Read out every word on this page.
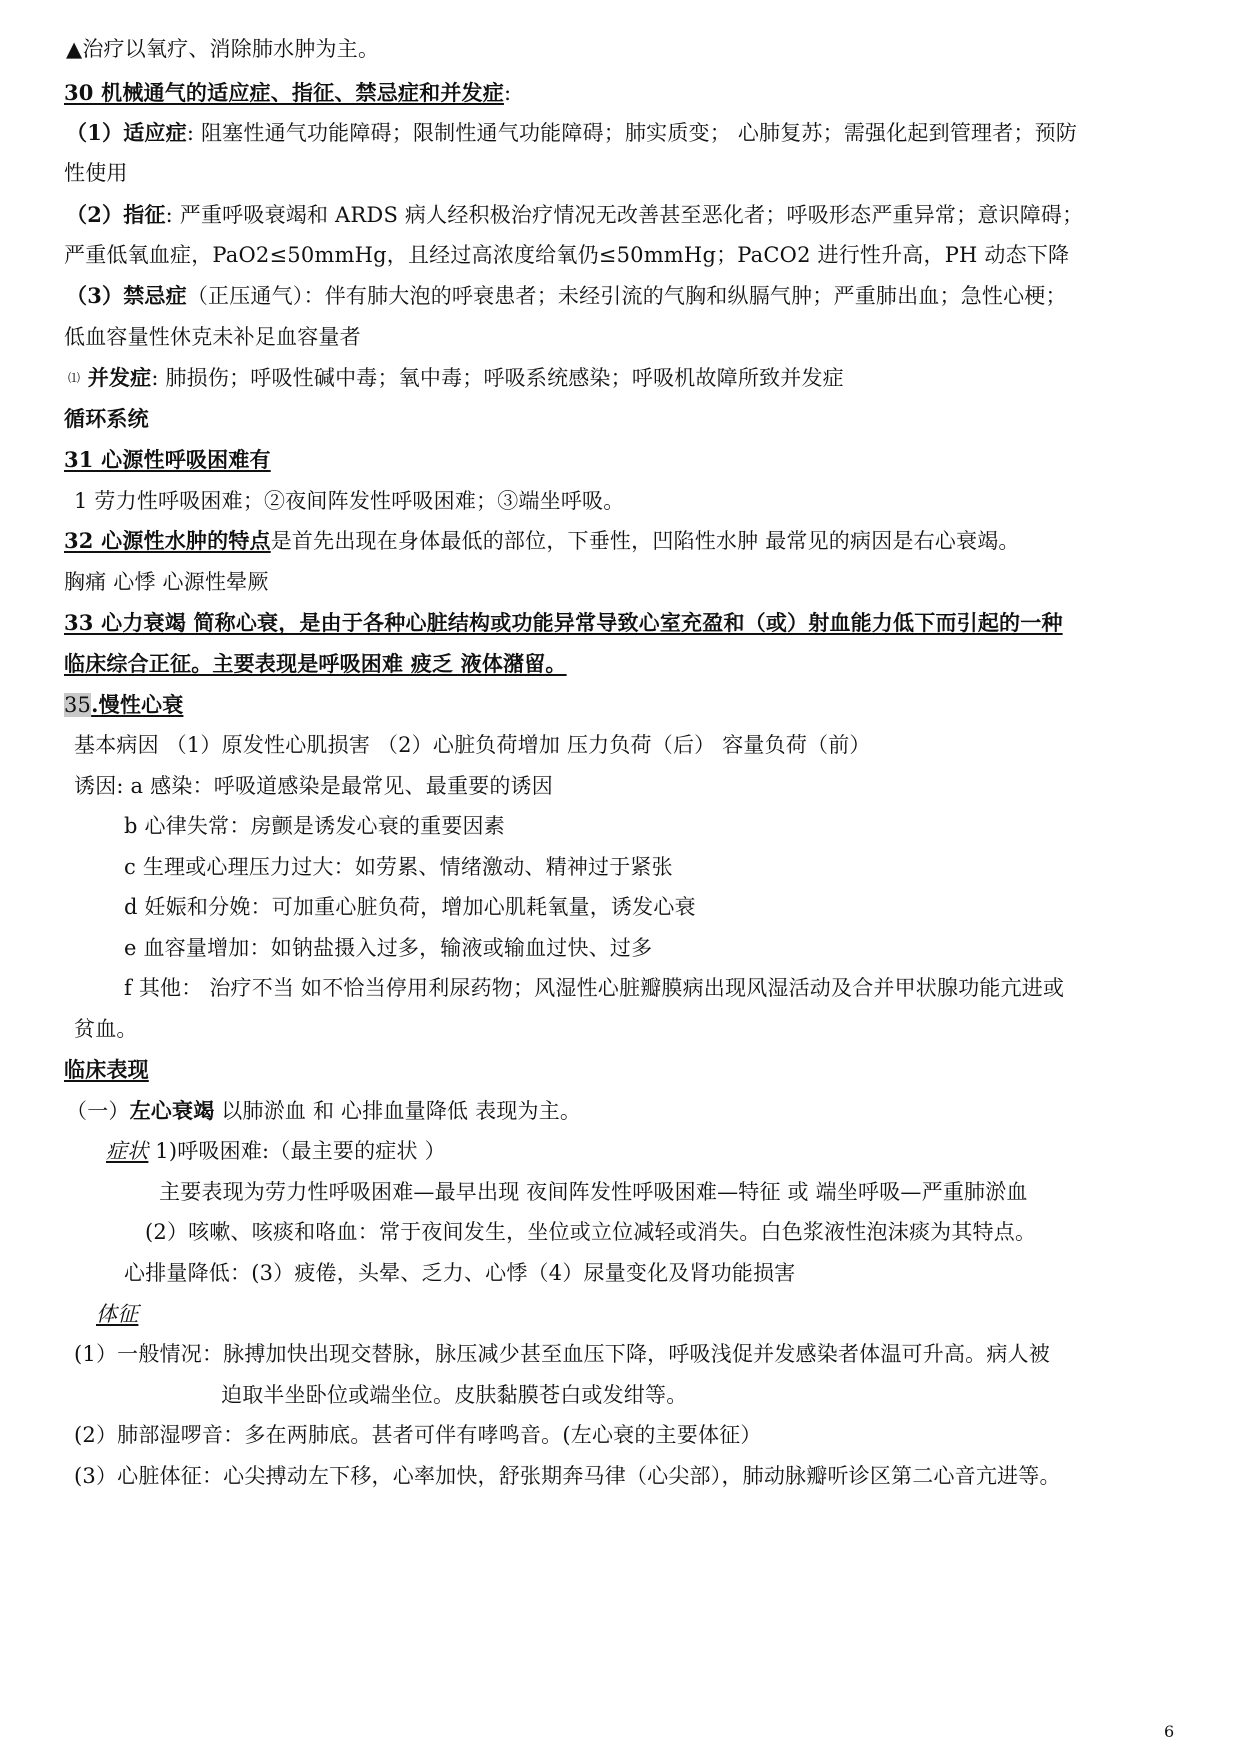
▲治疗以氧疗、消除肺水肿为主。
30 机械通气的适应症、指征、禁忌症和并发症:
（1）适应症: 阻塞性通气功能障碍；限制性通气功能障碍；肺实质变； 心肺复苏；需强化起到管理者；预防
性使用
（2）指征: 严重呼吸衰竭和 ARDS 病人经积极治疗情况无改善甚至恶化者；呼吸形态严重异常；意识障碍；
严重低氧血症，PaO2≤50mmHg，且经过高浓度给氧仍≤50mmHg；PaCO2 进行性升高，PH 动态下降
（3）禁忌症（正压通气）：伴有肺大泡的呼衰患者；未经引流的气胸和纵膈气肿；严重肺出血；急性心梗；
低血容量性休克未补足血容量者
⑴ 并发症: 肺损伤；呼吸性碱中毒；氧中毒；呼吸系统感染；呼吸机故障所致并发症
循环系统
31 心源性呼吸困难有
1 劳力性呼吸困难；②夜间阵发性呼吸困难；③端坐呼吸。
32 心源性水肿的特点是首先出现在身体最低的部位，下垂性，凹陷性水肿 最常见的病因是右心衰竭。
胸痛 心悸 心源性晕厥
33 心力衰竭 简称心衰，是由于各种心脏结构或功能异常导致心室充盈和（或）射血能力低下而引起的一种
临床综合正征。主要表现是呼吸困难 疲乏 液体潴留。
35.慢性心衰
基本病因 （1）原发性心肌损害 （2）心脏负荷增加 压力负荷（后） 容量负荷（前）
诱因: a 感染：呼吸道感染是最常见、最重要的诱因
b 心律失常：房颤是诱发心衰的重要因素
c 生理或心理压力过大：如劳累、情绪激动、精神过于紧张
d 妊娠和分娩：可加重心脏负荷，增加心肌耗氧量，诱发心衰
e 血容量增加：如钠盐摄入过多，输液或输血过快、过多
f 其他： 治疗不当 如不恰当停用利尿药物；风湿性心脏瓣膜病出现风湿活动及合并甲状腺功能亢进或
贫血。
临床表现
（一）左心衰竭 以肺淤血 和 心排血量降低 表现为主。
症状 1)呼吸困难:（最主要的症状 ）
主要表现为劳力性呼吸困难—最早出现 夜间阵发性呼吸困难—特征 或 端坐呼吸—严重肺淤血
(2）咳嗽、咳痰和咯血：常于夜间发生，坐位或立位减轻或消失。白色浆液性泡沫痰为其特点。
心排量降低：(3）疲倦，头晕、乏力、心悸（4）尿量变化及肾功能损害
体征
(1）一般情况：脉搏加快出现交替脉，脉压减少甚至血压下降，呼吸浅促并发感染者体温可升高。病人被
迫取半坐卧位或端坐位。皮肤黏膜苍白或发绀等。
(2）肺部湿啰音：多在两肺底。甚者可伴有哮鸣音。(左心衰的主要体征）
(3）心脏体征：心尖搏动左下移，心率加快，舒张期奔马律（心尖部），肺动脉瓣听诊区第二心音亢进等。
6
